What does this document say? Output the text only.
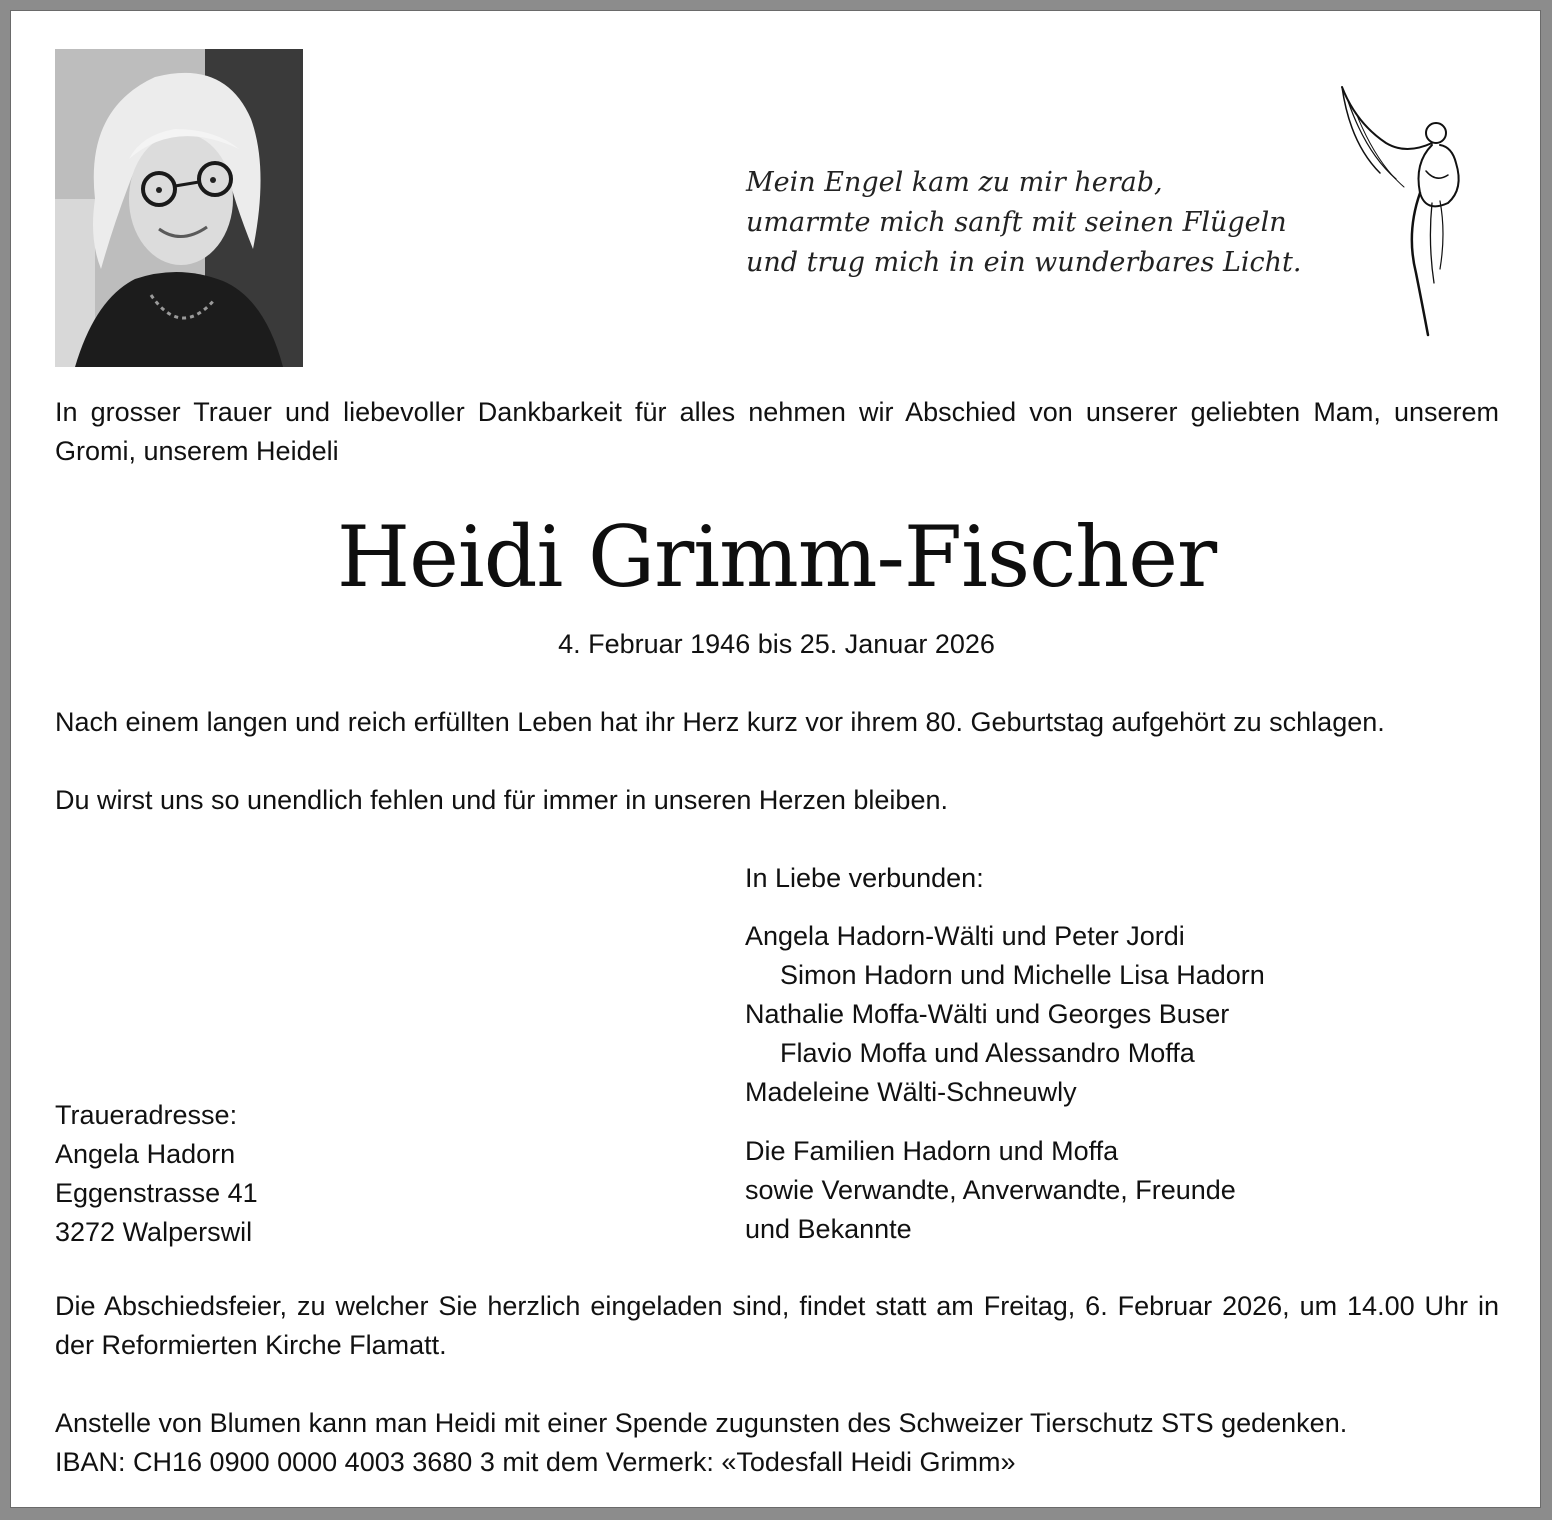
Mein Engel kam zu mir herab,
umarmte mich sanft mit seinen Flügeln
und trug mich in ein wunderbares Licht.
In grosser Trauer und liebevoller Dankbarkeit für alles nehmen wir Abschied von unserer geliebten Mam, unserem Gromi, unserem Heideli
Heidi Grimm-Fischer
4. Februar 1946 bis 25. Januar 2026
Nach einem langen und reich erfüllten Leben hat ihr Herz kurz vor ihrem 80. Geburtstag aufgehört zu schlagen.
Du wirst uns so unendlich fehlen und für immer in unseren Herzen bleiben.
In Liebe verbunden:
Angela Hadorn-Wälti und Peter Jordi
Simon Hadorn und Michelle Lisa Hadorn
Nathalie Moffa-Wälti und Georges Buser
Flavio Moffa und Alessandro Moffa
Madeleine Wälti-Schneuwly
Die Familien Hadorn und Moffa
sowie Verwandte, Anverwandte, Freunde
und Bekannte
Traueradresse:
Angela Hadorn
Eggenstrasse 41
3272 Walperswil
Die Abschiedsfeier, zu welcher Sie herzlich eingeladen sind, findet statt am Freitag, 6. Februar 2026, um 14.00 Uhr in der Reformierten Kirche Flamatt.
Anstelle von Blumen kann man Heidi mit einer Spende zugunsten des Schweizer Tierschutz STS gedenken.
IBAN: CH16 0900 0000 4003 3680 3 mit dem Vermerk: «Todesfall Heidi Grimm»
